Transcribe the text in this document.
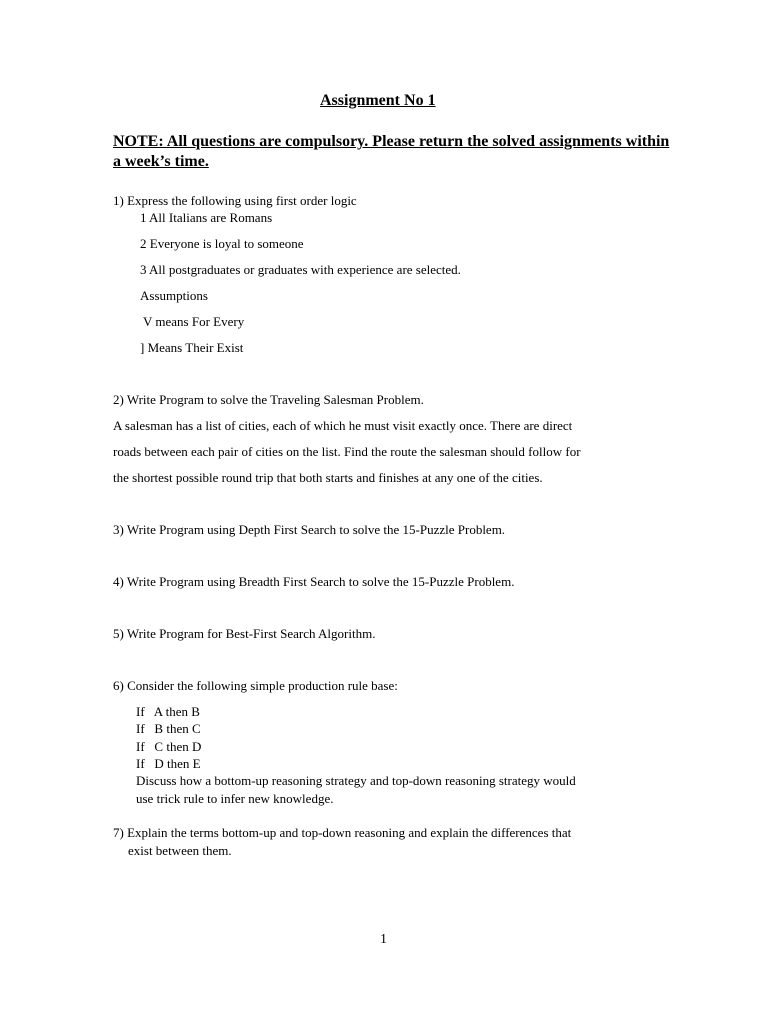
Assignment No 1
NOTE: All questions are compulsory. Please return the solved assignments within a week’s time.
1) Express the following using first order logic
1 All Italians are Romans
2 Everyone is loyal to someone
3 All postgraduates or graduates with experience are selected.
Assumptions
V means For Every
] Means Their Exist
2) Write Program to solve the Traveling Salesman Problem.
A salesman has a list of cities, each of which he must visit exactly once. There are direct
roads between each pair of cities on the list. Find the route the salesman should follow for
the shortest possible round trip that both starts and finishes at any one of the cities.
3) Write Program using Depth First Search to solve the 15-Puzzle Problem.
4) Write Program using Breadth First Search to solve the 15-Puzzle Problem.
5) Write Program for Best-First Search Algorithm.
6) Consider the following simple production rule base:
If   A then B
If   B then C
If   C then D
If   D then E
Discuss how a bottom-up reasoning strategy and top-down reasoning strategy would
use trick rule to infer new knowledge.
7) Explain the terms bottom-up and top-down reasoning and explain the differences that
exist between them.
1
